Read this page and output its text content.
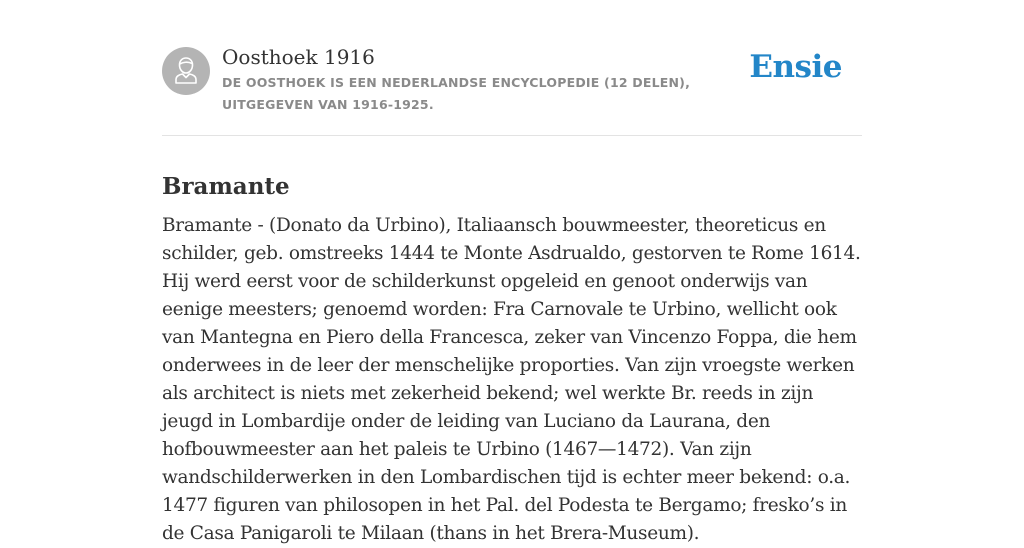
Oosthoek 1916
DE OOSTHOEK IS EEN NEDERLANDSE ENCYCLOPEDIE (12 DELEN), UITGEGEVEN VAN 1916-1925.
Ensie
Bramante

Bramante - (Donato da Urbino), Italiaansch bouwmeester, theoreticus en schilder, geb. omstreeks 1444 te Monte Asdrualdo, gestorven te Rome 1614. Hij werd eerst voor de schilderkunst opgeleid en genoot onderwijs van eenige meesters; genoemd worden: Fra Carnovale te Urbino, wellicht ook van Mantegna en Piero della Francesca, zeker van Vincenzo Foppa, die hem onderwees in de leer der menschelijke proporties. Van zijn vroegste werken als architect is niets met zekerheid bekend; wel werkte Br. reeds in zijn jeugd in Lombardije onder de leiding van Luciano da Laurana, den hofbouwmeester aan het paleis te Urbino (1467—1472). Van zijn wandschilderwerken in den Lombardischen tijd is echter meer bekend: o.a. 1477 figuren van philosopen in het Pal. del Podesta te Bergamo; fresko’s in de Casa Panigaroli te Milaan (thans in het Brera-Museum).
